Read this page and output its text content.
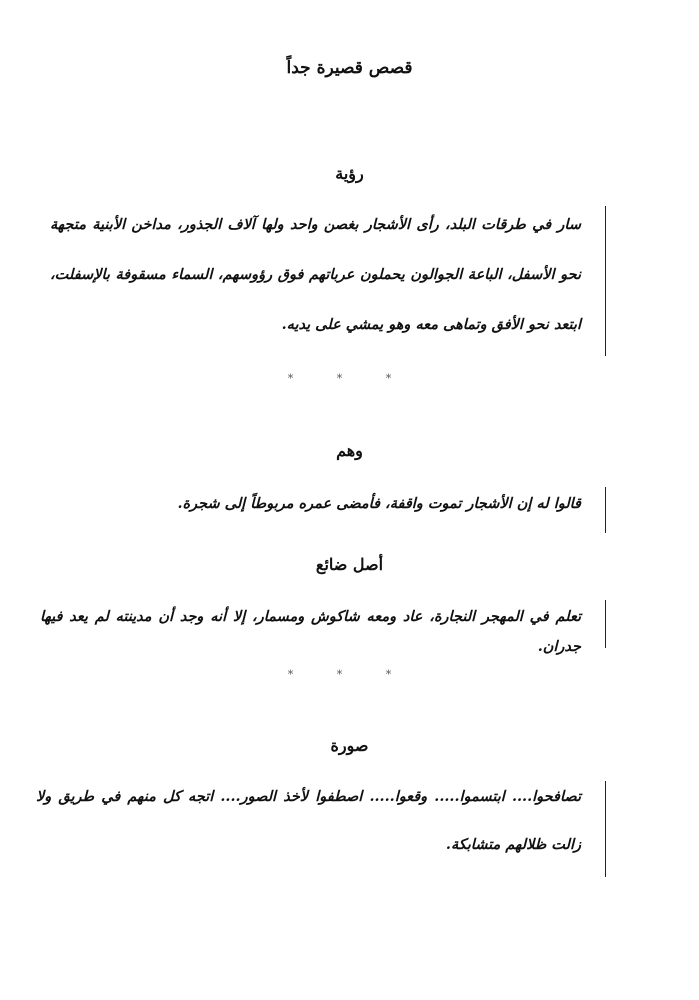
قصص قصيرة جداً
رؤية

سار في طرقات البلد، رأى الأشجار بغصن واحد ولها آلاف الجذور، مداخن الأبنية متجهة نحو الأسفل، الباعة الجوالون يحملون عرباتهم فوق رؤوسهم، السماء مسقوفة بالإسفلت، ابتعد نحو الأفق وتماهى معه وهو يمشي على يديه.

* * *
وهم

قالوا له إن الأشجار تموت واقفة، فأمضى عمره مربوطاً إلى شجرة.

أصل ضائع

تعلم في المهجر النجارة، عاد ومعه شاكوش ومسمار، إلا أنه وجد أن مدينته لم يعد فيها جدران.

* * *
صورة

تصافحوا.... ابتسموا..... وقعوا..... اصطفوا لأخذ الصور.... اتجه كل منهم في طريق ولا زالت ظلالهم متشابكة.
